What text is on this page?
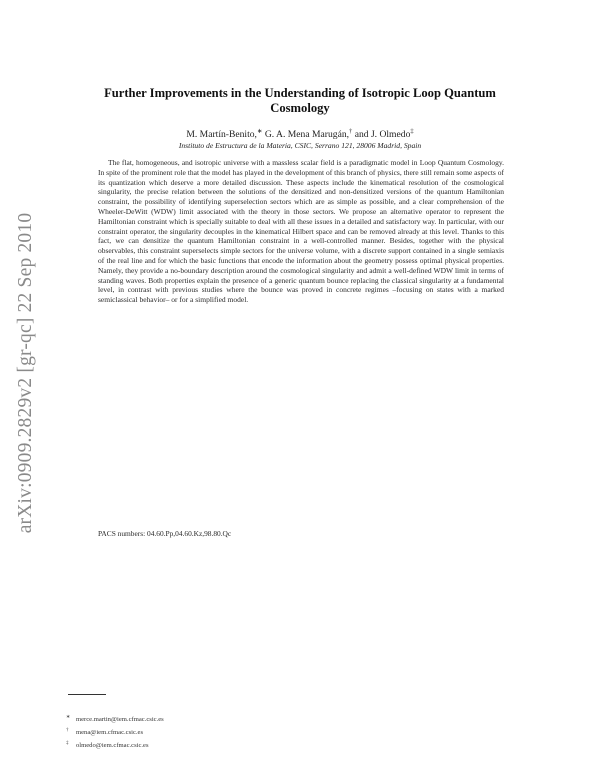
arXiv:0909.2829v2 [gr-qc] 22 Sep 2010
Further Improvements in the Understanding of Isotropic Loop Quantum Cosmology
M. Martín-Benito,∗ G. A. Mena Marugán,† and J. Olmedo‡
Instituto de Estructura de la Materia, CSIC, Serrano 121, 28006 Madrid, Spain

The flat, homogeneous, and isotropic universe with a massless scalar field is a paradigmatic model in Loop Quantum Cosmology. In spite of the prominent role that the model has played in the development of this branch of physics, there still remain some aspects of its quantization which deserve a more detailed discussion. These aspects include the kinematical resolution of the cosmological singularity, the precise relation between the solutions of the densitized and non-densitized versions of the quantum Hamiltonian constraint, the possibility of identifying superselection sectors which are as simple as possible, and a clear comprehension of the Wheeler-DeWitt (WDW) limit associated with the theory in those sectors. We propose an alternative operator to represent the Hamiltonian constraint which is specially suitable to deal with all these issues in a detailed and satisfactory way. In particular, with our constraint operator, the singularity decouples in the kinematical Hilbert space and can be removed already at this level. Thanks to this fact, we can densitize the quantum Hamiltonian constraint in a well-controlled manner. Besides, together with the physical observables, this constraint superselects simple sectors for the universe volume, with a discrete support contained in a single semiaxis of the real line and for which the basic functions that encode the information about the geometry possess optimal physical properties. Namely, they provide a no-boundary description around the cosmological singularity and admit a well-defined WDW limit in terms of standing waves. Both properties explain the presence of a generic quantum bounce replacing the classical singularity at a fundamental level, in contrast with previous studies where the bounce was proved in concrete regimes –focusing on states with a marked semiclassical behavior– or for a simplified model.

PACS numbers: 04.60.Pp,04.60.Kz,98.80.Qc
∗ merce.martin@iem.cfmac.csic.es
† mena@iem.cfmac.csic.es
‡ olmedo@iem.cfmac.csic.es
